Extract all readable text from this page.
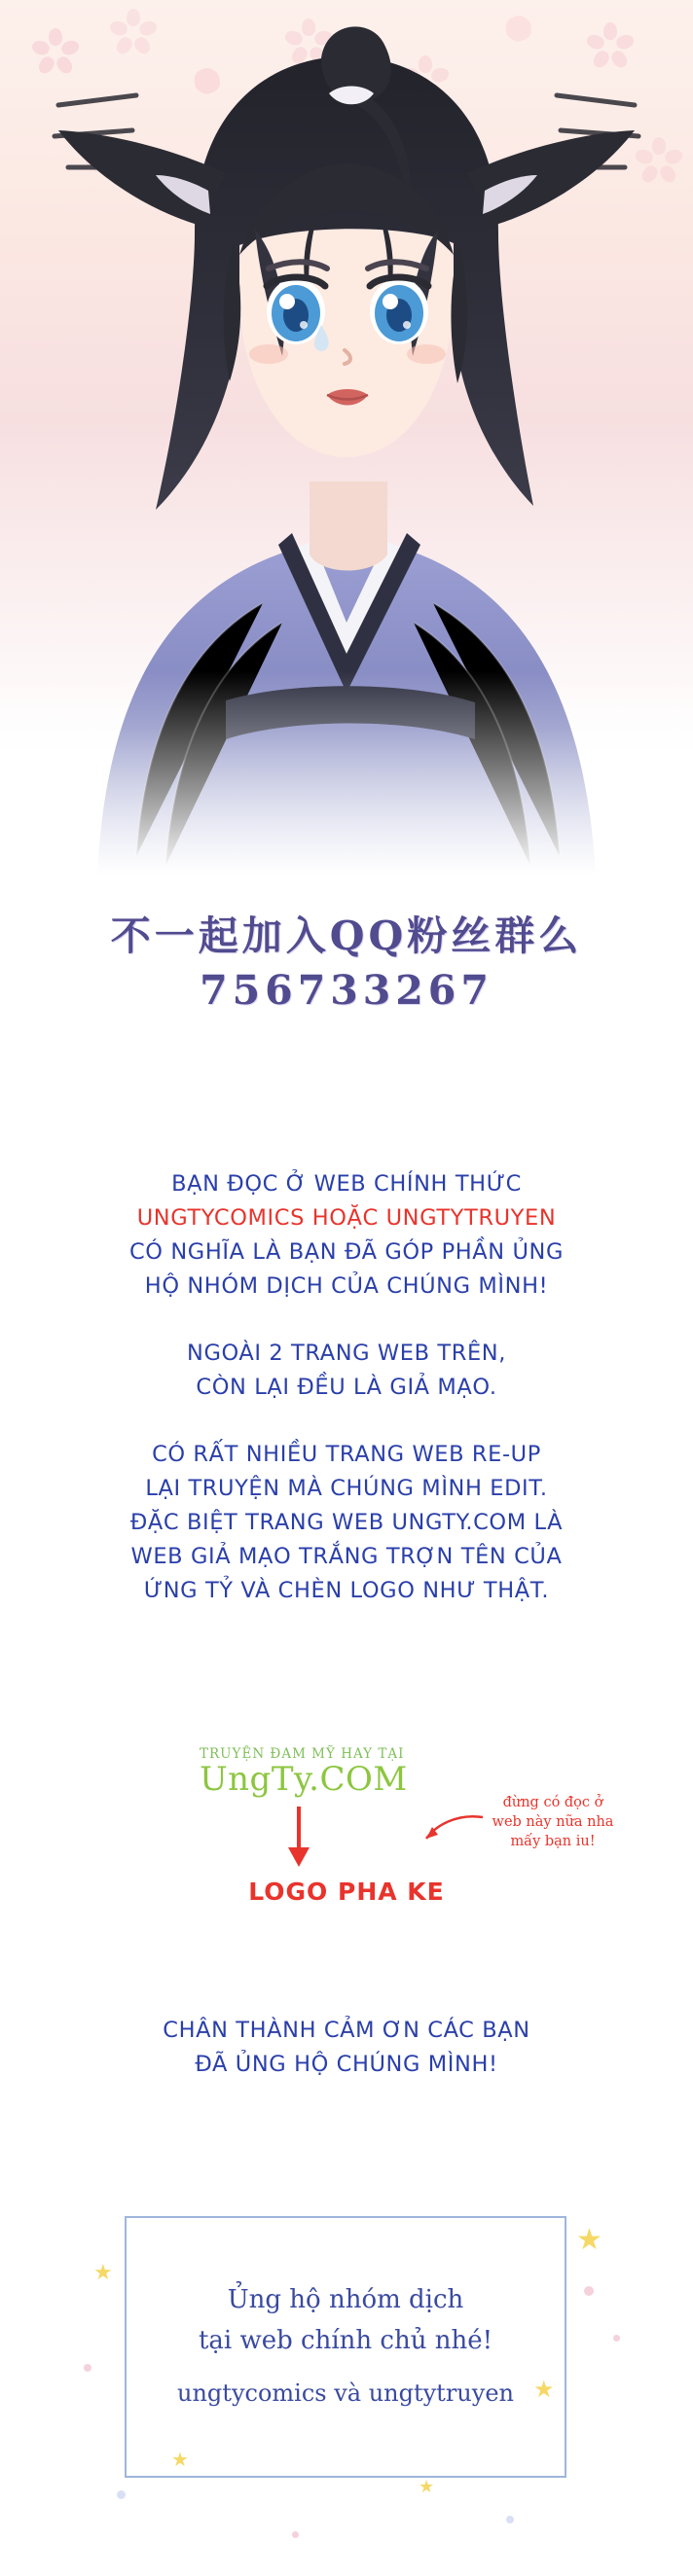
不一起加入QQ粉丝群么
756733267

BẠN ĐỌC Ở WEB CHÍNH THỨC

UNGTYCOMICS HOẶC UNGTYTRUYEN

CÓ NGHĨA LÀ BẠN ĐÃ GÓP PHẦN ỦNG

HỘ NHÓM DỊCH CỦA CHÚNG MÌNH!

NGOÀI 2 TRANG WEB TRÊN,

CÒN LẠI ĐỀU LÀ GIẢ MẠO.

CÓ RẤT NHIỀU TRANG WEB RE-UP

LẠI TRUYỆN MÀ CHÚNG MÌNH EDIT.

ĐẶC BIỆT TRANG WEB UNGTY.COM LÀ

WEB GIẢ MẠO TRẮNG TRỢN TÊN CỦA

ỨNG TỶ VÀ CHÈN LOGO NHƯ THẬT.

TRUYỆN ĐAM MỸ HAY TẠI
UngTy.COM
LOGO PHA KE
đừng có đọc ở
web này nữa nha
mấy bạn iu!

CHÂN THÀNH CẢM ƠN CÁC BẠN

ĐÃ ỦNG HỘ CHÚNG MÌNH!

★
★
★
★
★
Ủng hộ nhóm dịch
tại web chính chủ nhé!
ungtycomics và ungtytruyen
